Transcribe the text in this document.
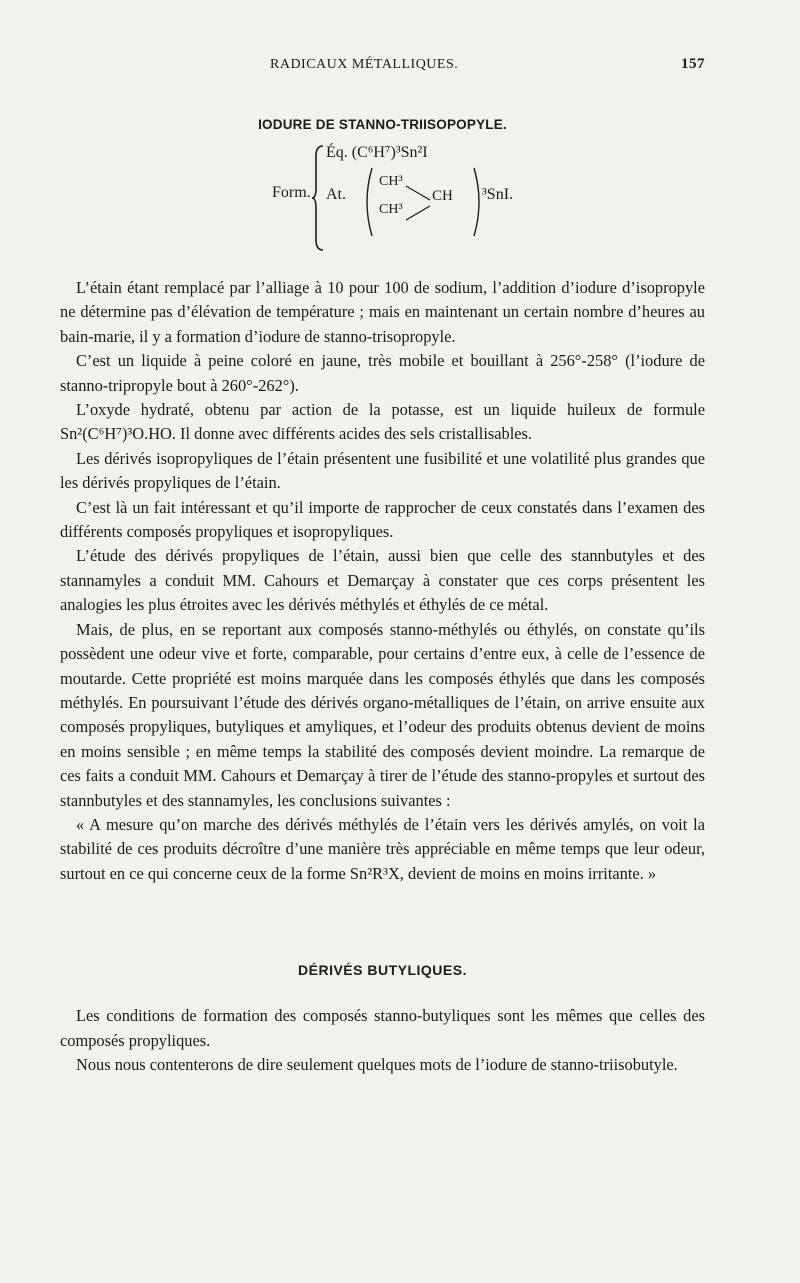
RADICAUX MÉTALLIQUES.	157
IODURE DE STANNO-TRIISOPOPYLE.
Form.
Éq. (C⁶H⁷)³Sn²I
At.
CH³
CH³
CH ³SnI.

L’étain étant remplacé par l’alliage à 10 pour 100 de sodium, l’addition d’iodure d’isopropyle ne détermine pas d’élévation de température ; mais en maintenant un certain nombre d’heures au bain-marie, il y a formation d’iodure de stanno-trisopropyle.

C’est un liquide à peine coloré en jaune, très mobile et bouillant à 256°-258° (l’iodure de stanno-tripropyle bout à 260°-262°).

L’oxyde hydraté, obtenu par action de la potasse, est un liquide huileux de formule Sn²(C⁶H⁷)³O.HO. Il donne avec différents acides des sels cristallisables.

Les dérivés isopropyliques de l’étain présentent une fusibilité et une volatilité plus grandes que les dérivés propyliques de l’étain.

C’est là un fait intéressant et qu’il importe de rapprocher de ceux constatés dans l’examen des différents composés propyliques et isopropyliques.

L’étude des dérivés propyliques de l’étain, aussi bien que celle des stannbutyles et des stannamyles a conduit MM. Cahours et Demarçay à constater que ces corps présentent les analogies les plus étroites avec les dérivés méthylés et éthylés de ce métal.

Mais, de plus, en se reportant aux composés stanno-méthylés ou éthylés, on constate qu’ils possèdent une odeur vive et forte, comparable, pour certains d’entre eux, à celle de l’essence de moutarde. Cette propriété est moins marquée dans les composés éthylés que dans les composés méthylés. En poursuivant l’étude des dérivés organo-métalliques de l’étain, on arrive ensuite aux composés propyliques, butyliques et amyliques, et l’odeur des produits obtenus devient de moins en moins sensible ; en même temps la stabilité des composés devient moindre. La remarque de ces faits a conduit MM. Cahours et Demarçay à tirer de l’étude des stanno-propyles et surtout des stannbutyles et des stannamyles, les conclusions suivantes :

« A mesure qu’on marche des dérivés méthylés de l’étain vers les dérivés amylés, on voit la stabilité de ces produits décroître d’une manière très appréciable en même temps que leur odeur, surtout en ce qui concerne ceux de la forme Sn²R³X, devient de moins en moins irritante. »

DÉRIVÉS BUTYLIQUES.

Les conditions de formation des composés stanno-butyliques sont les mêmes que celles des composés propyliques.

Nous nous contenterons de dire seulement quelques mots de l’iodure de stanno-triisobutyle.
